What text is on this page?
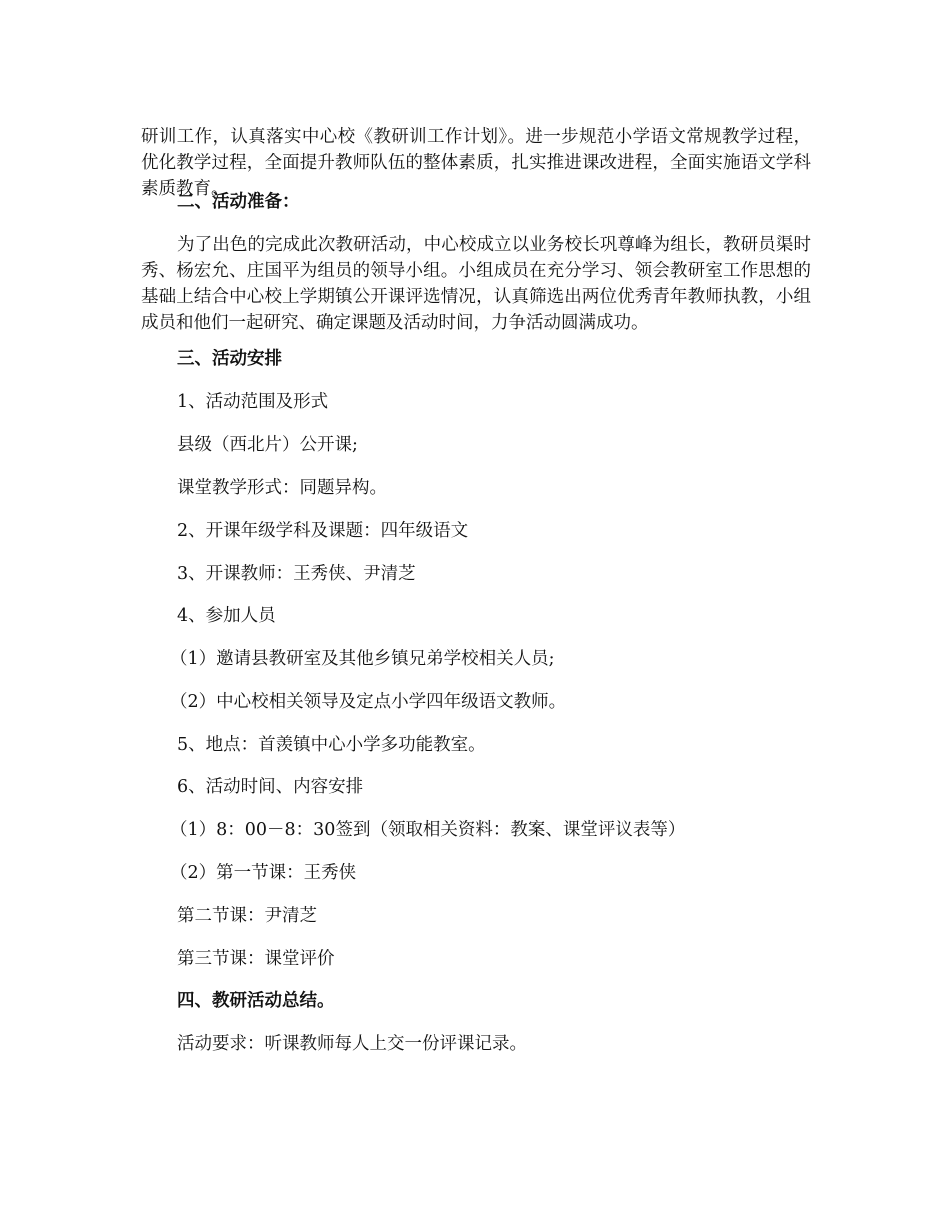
研训工作，认真落实中心校《教研训工作计划》。进一步规范小学语文常规教学过程，优化教学过程，全面提升教师队伍的整体素质，扎实推进课改进程，全面实施语文学科素质教育。

二、活动准备：

为了出色的完成此次教研活动，中心校成立以业务校长巩尊峰为组长，教研员渠时秀、杨宏允、庄国平为组员的领导小组。小组成员在充分学习、领会教研室工作思想的基础上结合中心校上学期镇公开课评选情况，认真筛选出两位优秀青年教师执教，小组成员和他们一起研究、确定课题及活动时间，力争活动圆满成功。

三、活动安排

1、活动范围及形式

县级（西北片）公开课;

课堂教学形式：同题异构。

2、开课年级学科及课题：四年级语文

3、开课教师：王秀侠、尹清芝

4、参加人员

（1）邀请县教研室及其他乡镇兄弟学校相关人员;

（2）中心校相关领导及定点小学四年级语文教师。

5、地点：首羡镇中心小学多功能教室。

6、活动时间、内容安排

（1）8：00－8：30签到（领取相关资料：教案、课堂评议表等）

（2）第一节课：王秀侠

第二节课：尹清芝

第三节课：课堂评价

四、教研活动总结。

活动要求：听课教师每人上交一份评课记录。
